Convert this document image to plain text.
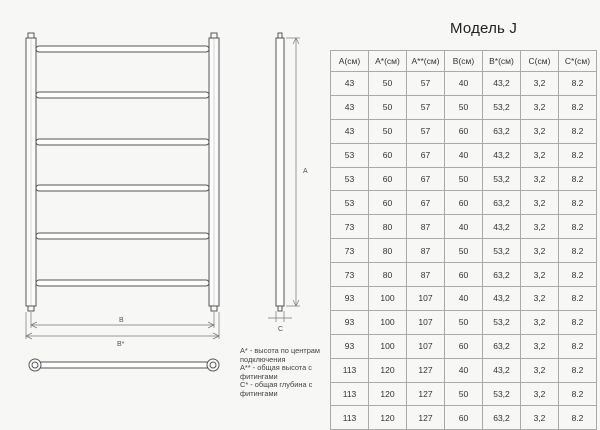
B
B*
A
C
Модель J
A(см)	A*(см)	A**(см)	B(см)	B*(см)	C(см)	C*(см)
43	50	57	40	43,2	3,2	8.2
43	50	57	50	53,2	3,2	8.2
43	50	57	60	63,2	3,2	8.2
53	60	67	40	43,2	3,2	8.2
53	60	67	50	53,2	3,2	8.2
53	60	67	60	63,2	3,2	8.2
73	80	87	40	43,2	3,2	8.2
73	80	87	50	53,2	3,2	8.2
73	80	87	60	63,2	3,2	8.2
93	100	107	40	43,2	3,2	8.2
93	100	107	50	53,2	3,2	8.2
93	100	107	60	63,2	3,2	8.2
113	120	127	40	43,2	3,2	8.2
113	120	127	50	53,2	3,2	8.2
113	120	127	60	63,2	3,2	8.2
A* - высота по центрам подключения
A** - общая высота с фитингами
C* - общая глубина с фитингами
